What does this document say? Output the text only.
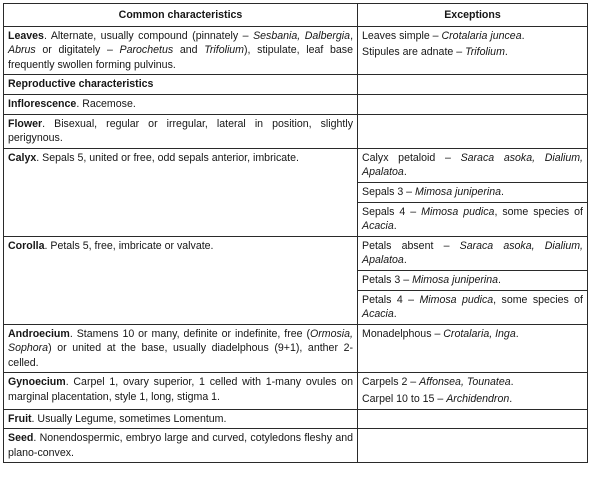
Common characteristics	Exceptions
Leaves. Alternate, usually compound (pinnately – Sesbania, Dalbergia, Abrus or digitately – Parochetus and Trifolium), stipulate, leaf base frequently swollen forming pulvinus.	Leaves simple – Crotalaria juncea.
Stipules are adnate – Trifolium.

Reproductive characteristics	
Inflorescence. Racemose.	
Flower. Bisexual, regular or irregular, lateral in position, slightly perigynous.	
Calyx. Sepals 5, united or free, odd sepals anterior, imbricate.	Calyx petaloid – Saraca asoka, Dialium, Apalatoa.
Sepals 3 – Mimosa juniperina.
Sepals 4 – Mimosa pudica, some species of Acacia.

Corolla. Petals 5, free, imbricate or valvate.	Petals absent – Saraca asoka, Dialium, Apalatoa.
Petals 3 – Mimosa juniperina.
Petals 4 – Mimosa pudica, some species of Acacia.

Androecium. Stamens 10 or many, definite or indefinite, free (Ormosia, Sophora) or united at the base, usually diadelphous (9+1), anther 2-celled.	Monadelphous – Crotalaria, Inga.

Gynoecium. Carpel 1, ovary superior, 1 celled with 1-many ovules on marginal placentation, style 1, long, stigma 1.	Carpels 2 – Affonsea, Tounatea.
Carpel 10 to 15 – Archidendron.

Fruit. Usually Legume, sometimes Lomentum.	
Seed. Nonendospermic, embryo large and curved, cotyledons fleshy and plano-convex.	
